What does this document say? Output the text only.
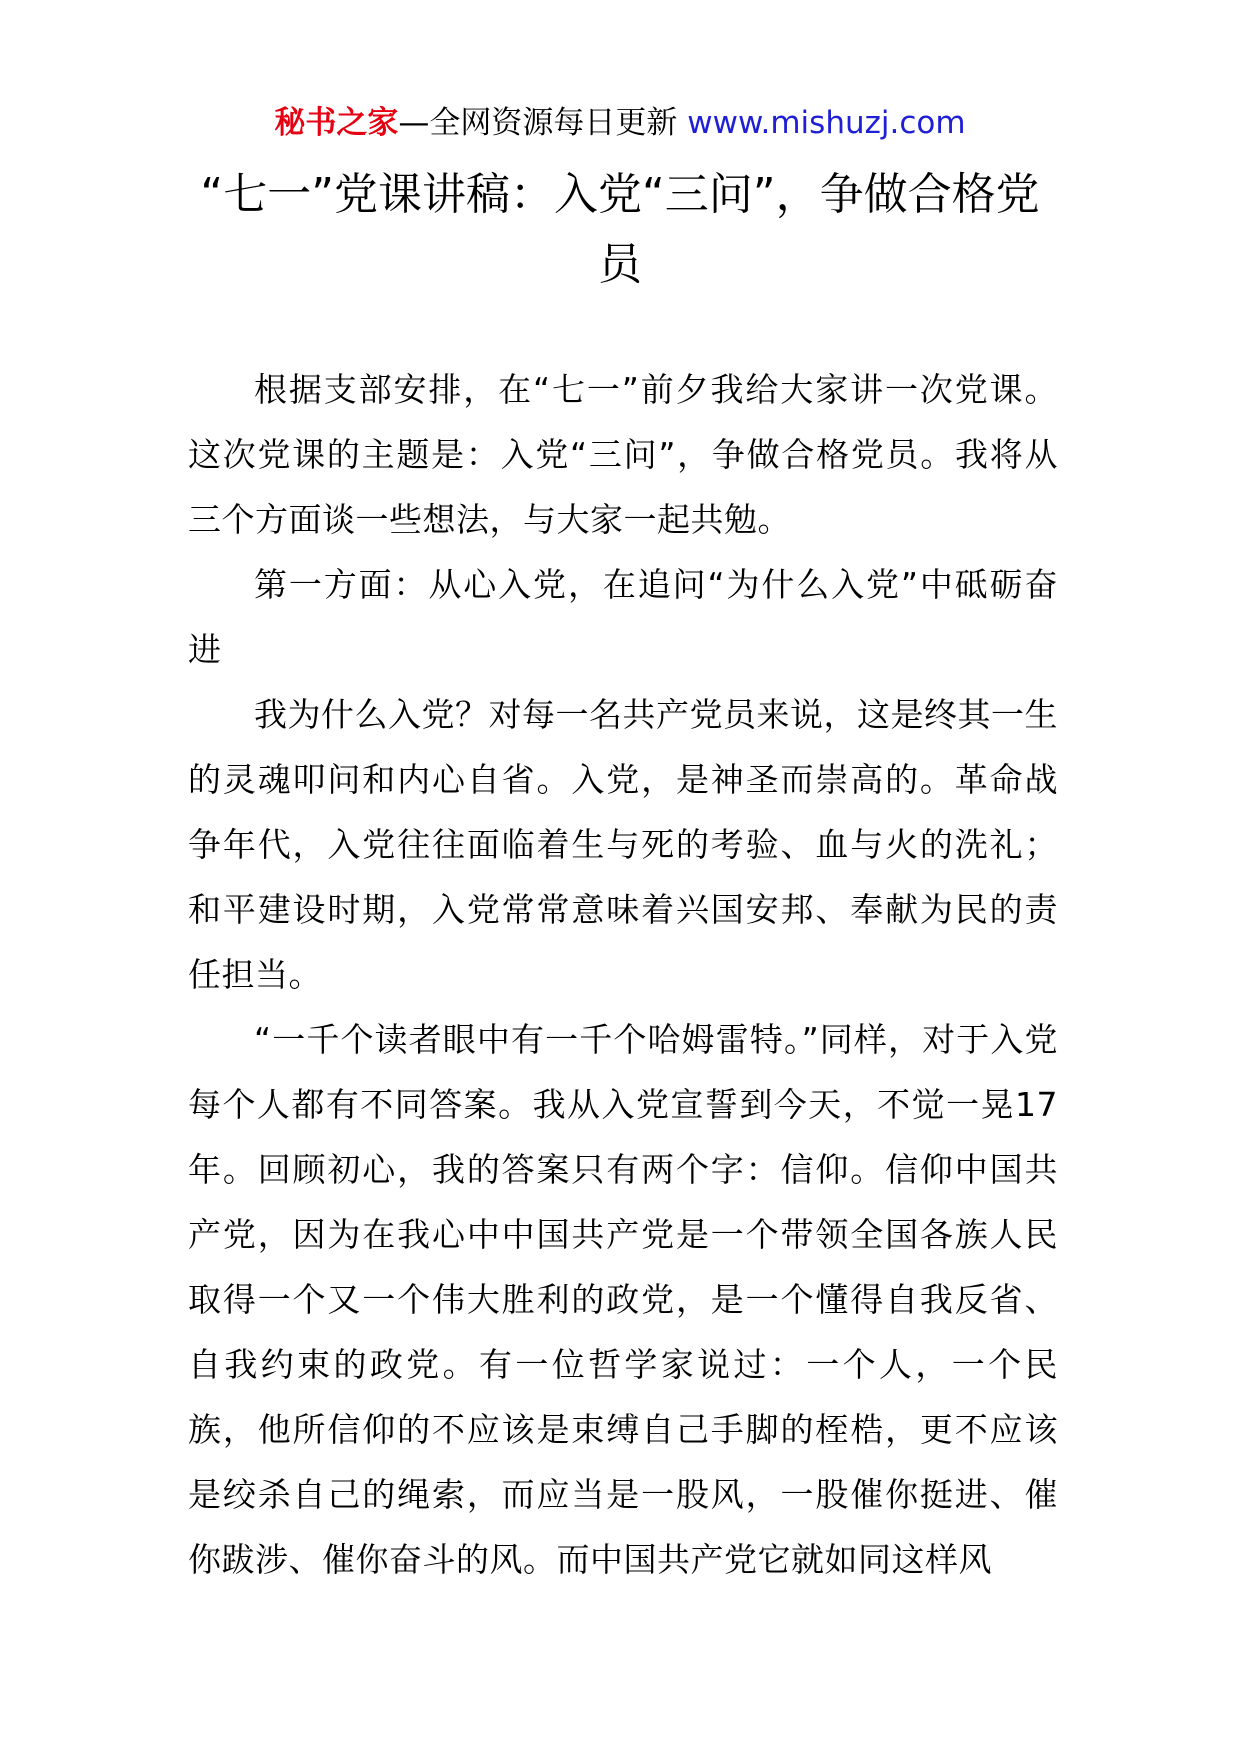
秘书之家—全网资源每日更新 www.mishuzj.com
“七一”党课讲稿：入党“三问”，争做合格党员

根据支部安排，在“七一”前夕我给大家讲一次党课。这次党课的主题是：入党“三问”，争做合格党员。我将从三个方面谈一些想法，与大家一起共勉。

第一方面：从心入党，在追问“为什么入党”中砥砺奋进

我为什么入党？对每一名共产党员来说，这是终其一生的灵魂叩问和内心自省。入党，是神圣而崇高的。革命战争年代，入党往往面临着生与死的考验、血与火的洗礼；和平建设时期，入党常常意味着兴国安邦、奉献为民的责任担当。

“一千个读者眼中有一千个哈姆雷特。”同样，对于入党每个人都有不同答案。我从入党宣誓到今天，不觉一晃17年。回顾初心，我的答案只有两个字：信仰。信仰中国共产党，因为在我心中中国共产党是一个带领全国各族人民取得一个又一个伟大胜利的政党，是一个懂得自我反省、自我约束的政党。有一位哲学家说过：一个人，一个民族，他所信仰的不应该是束缚自己手脚的桎梏，更不应该是绞杀自己的绳索，而应当是一股风，一股催你挺进、催你跋涉、催你奋斗的风。而中国共产党它就如同这样风
